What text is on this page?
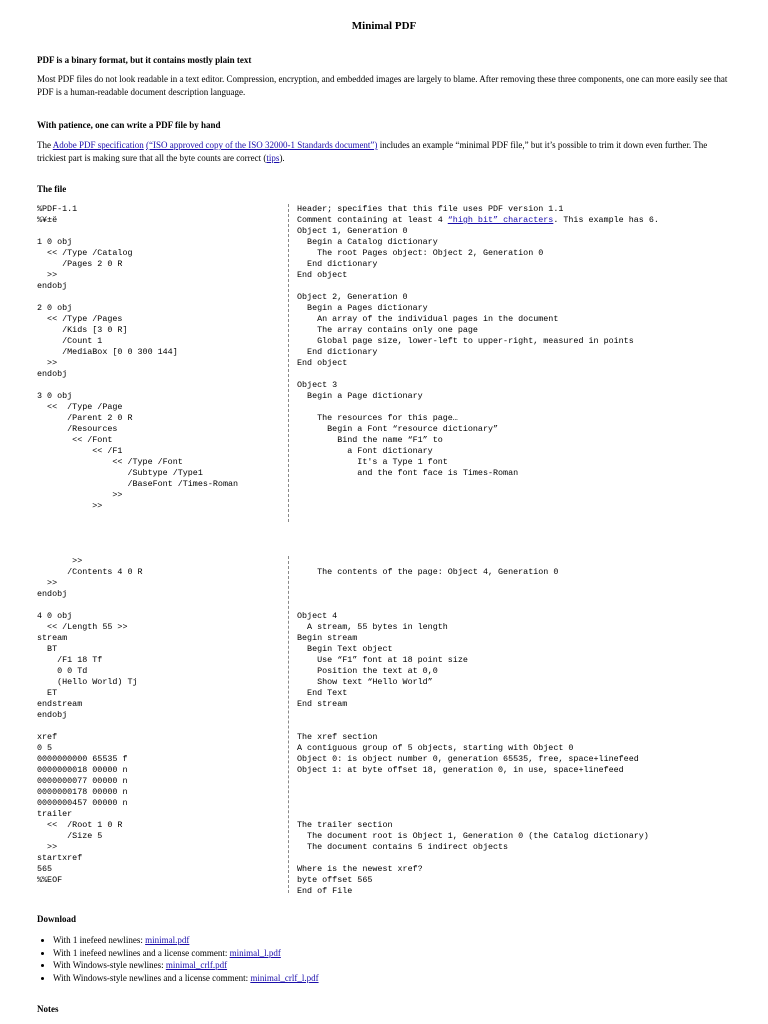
Minimal PDF
PDF is a binary format, but it contains mostly plain text

Most PDF files do not look readable in a text editor. Compression, encryption, and embedded images are largely to blame. After removing these three components, one can more easily see that PDF is a human-readable document description language.

With patience, one can write a PDF file by hand

The Adobe PDF specification (“ISO approved copy of the ISO 32000-1 Standards document”) includes an example “minimal PDF file,” but it’s possible to trim it down even further. The trickiest part is making sure that all the byte counts are correct (tips).

The file
%PDF-1.1
%¥±ë

1 0 obj
<< /Type /Catalog
/Pages 2 0 R
>>
endobj

2 0 obj
<< /Type /Pages
/Kids [3 0 R]
/Count 1
/MediaBox [0 0 300 144]
>>
endobj

3 0 obj
<<  /Type /Page
/Parent 2 0 R
/Resources
<< /Font
<< /F1
<< /Type /Font
/Subtype /Type1
/BaseFont /Times-Roman
>>
>>
Header; specifies that this file uses PDF version 1.1
Comment containing at least 4 “high bit” characters. This example has 6.
Object 1, Generation 0
Begin a Catalog dictionary
The root Pages object: Object 2, Generation 0
End dictionary
End object

Object 2, Generation 0
Begin a Pages dictionary
An array of the individual pages in the document
The array contains only one page
Global page size, lower-left to upper-right, measured in points
End dictionary
End object

Object 3
Begin a Page dictionary

The resources for this page…
Begin a Font “resource dictionary”
Bind the name “F1” to
a Font dictionary
It's a Type 1 font
and the font face is Times-Roman
>>
/Contents 4 0 R
>>
endobj

4 0 obj
<< /Length 55 >>
stream
BT
/F1 18 Tf
0 0 Td
(Hello World) Tj
ET
endstream
endobj

xref
0 5
0000000000 65535 f
0000000018 00000 n
0000000077 00000 n
0000000178 00000 n
0000000457 00000 n
trailer
<<  /Root 1 0 R
/Size 5
>>
startxref
565
%%EOF

The contents of the page: Object 4, Generation 0

Object 4
A stream, 55 bytes in length
Begin stream
Begin Text object
Use “F1” font at 18 point size
Position the text at 0,0
Show text “Hello World”
End Text
End stream

The xref section
A contiguous group of 5 objects, starting with Object 0
Object 0: is object number 0, generation 65535, free, space+linefeed
Object 1: at byte offset 18, generation 0, in use, space+linefeed

The trailer section
The document root is Object 1, Generation 0 (the Catalog dictionary)
The document contains 5 indirect objects

Where is the newest xref?
byte offset 565
End of File
Download
• With 1 inefeed newlines: minimal.pdf
• With 1 inefeed newlines and a license comment: minimal_l.pdf
• With Windows-style newlines: minimal_crlf.pdf
• With Windows-style newlines and a license comment: minimal_crlf_l.pdf
Notes
